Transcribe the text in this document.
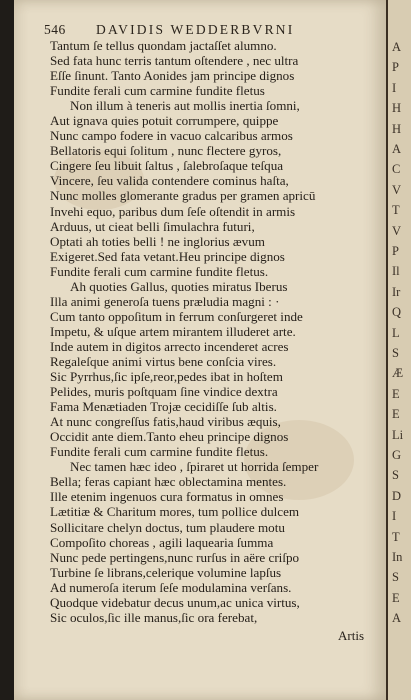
546 DAVIDIS WEDDERBVRNI
Tantum ſe tellus quondam jactaſſet alumno.
Sed fata hunc terris tantum oſtendere , nec ultra
Eſſe ſinunt. Tanto Aonides jam principe dignos
Fundite ferali cum carmine fundite fletus
Non illum à teneris aut mollis inertia ſomni,
Aut ignava quies potuit corrumpere, quippe
Nunc campo fodere in vacuo calcaribus armos
Bellatoris equi ſolitum , nunc flectere gyros,
Cingere ſeu libuit ſaltus , ſalebroſaque teſqua
Vincere, ſeu valida contendere cominus haſta,
Nunc molles glomerante gradus per gramen apricū
Invehi equo, paribus dum ſeſe oſtendit in armis
Arduus, ut cieat belli ſimulachra futuri,
Optati ah toties belli ! ne inglorius ævum
Exigeret.Sed fata vetant.Heu principe dignos
Fundite ferali cum carmine fundite fletus.
Ah quoties Gallus, quoties miratus Iberus
Illa animi generoſa tuens præludia magni : ·
Cum tanto oppoſitum in ferrum conſurgeret inde
Impetu, & uſque artem mirantem illuderet arte.
Inde autem in digitos arrecto incenderet acres
Regaleſque animi virtus bene conſcia vires.
Sic Pyrrhus,ſic ipſe,reor,pedes ibat in hoſtem
Pelides, muris poſtquam ſine vindice dextra
Fama Menætiaden Trojæ cecidiſſe ſub altis.
At nunc congreſſus fatis,haud viribus æquis,
Occidit ante diem.Tanto eheu principe dignos
Fundite ferali cum carmine fundite fletus.
Nec tamen hæc ideo , ſpiraret ut horrida ſemper
Bella; feras capiant hæc oblectamina mentes.
Ille etenim ingenuos cura formatus in omnes
Lætitiæ & Charitum mores, tum pollice dulcem
Sollicitare chelyn doctus, tum plaudere motu
Compoſito choreas , agili laquearia ſumma
Nunc pede pertingens,nunc rurſus in aëre criſpo
Turbine ſe librans,celerique volumine lapſus
Ad numeroſa iterum ſeſe modulamina verſans.
Quodque videbatur decus unum,ac unica virtus,
Sic oculos,ſic ille manus,ſic ora ferebat,
Artis
A
P
I
H
H
A
C
V
T
V
P
Il
Ir
Q
L
S
Æ
E
E
Li
G
S
D
I
T
In
S
E
A
